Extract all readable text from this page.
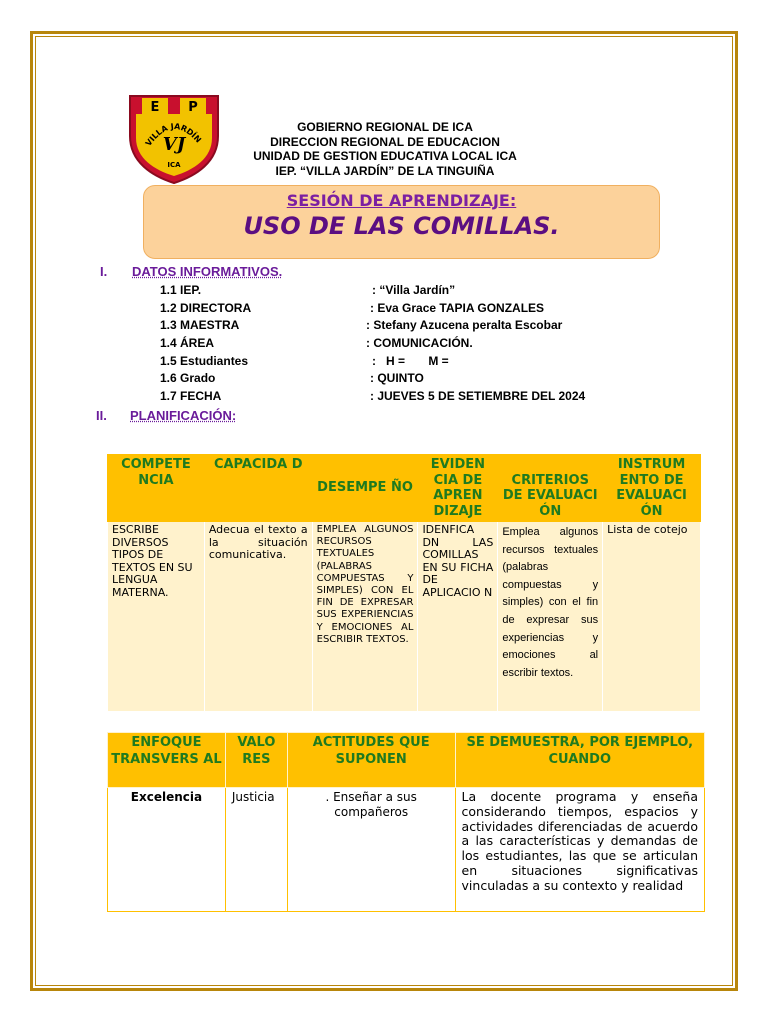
E P
VILLA JARDÍN
VJ
ICA
GOBIERNO REGIONAL DE ICA
DIRECCION REGIONAL DE EDUCACION
UNIDAD DE GESTION EDUCATIVA LOCAL ICA
IEP. “VILLA JARDÍN” DE LA TINGUIÑA
SESIÓN DE APRENDIZAJE:
USO DE LAS COMILLAS.
I. DATOS INFORMATIVOS.
1.1 IEP.	: “Villa Jardín”
1.2 DIRECTORA	: Eva Grace TAPIA GONZALES
1.3 MAESTRA	: Stefany Azucena peralta Escobar
1.4 ÁREA	: COMUNICACIÓN.
1.5 Estudiantes	:   H =       M =
1.6 Grado	: QUINTO
1.7 FECHA	: JUEVES 5 DE SETIEMBRE DEL 2024
II. PLANIFICACIÓN:
COMPETE NCIA	CAPACIDA D	DESEMPE ÑO	EVIDEN CIA DE APREN DIZAJE	CRITERIOS DE EVALUACI ÓN	INSTRUM ENTO DE EVALUACI ÓN
ESCRIBE DIVERSOS TIPOS DE TEXTOS EN SU LENGUA MATERNA.	Adecua el texto a la situación comunicativa.	EMPLEA ALGUNOS RECURSOS TEXTUALES (PALABRAS COMPUESTAS Y SIMPLES) CON EL FIN DE EXPRESAR SUS EXPERIENCIAS Y EMOCIONES AL ESCRIBIR TEXTOS.	IDENFICA DN LAS COMILLAS EN SU FICHA DE APLICACIO N	Emplea algunos recursos textuales (palabras compuestas y simples) con el fin de expresar sus experiencias y emociones al escribir textos.	Lista de cotejo
ENFOQUE TRANSVERS AL	VALO RES	ACTITUDES QUE SUPONEN	SE DEMUESTRA, POR EJEMPLO, CUANDO
Excelencia	Justicia	. Enseñar a sus compañeros	La docente programa y enseña considerando tiempos, espacios y actividades diferenciadas de acuerdo a las características y demandas de los estudiantes, las que se articulan en situaciones significativas vinculadas a su contexto y realidad
